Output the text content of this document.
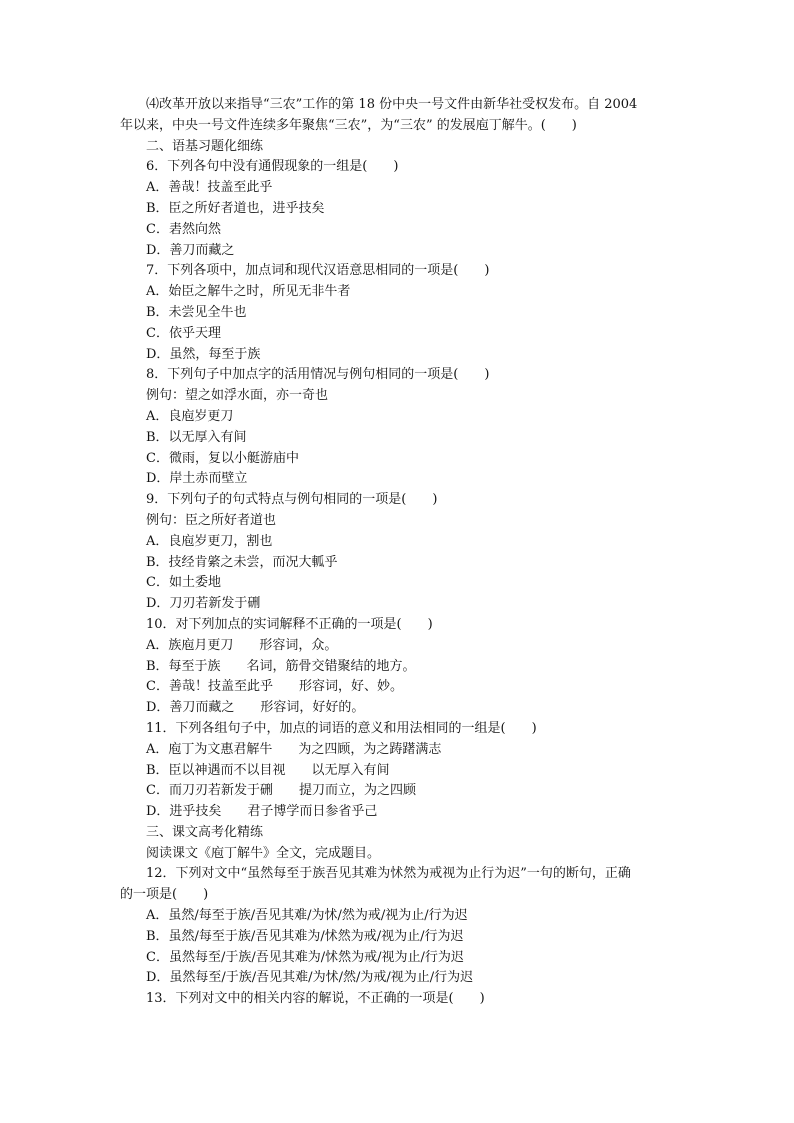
⑷改革开放以来指导“三农”工作的第 18 份中央一号文件由新华社受权发布。自 2004
年以来，中央一号文件连续多年聚焦“三农”，为“三农” 的发展庖丁解牛。(　　)
二、语基习题化细练
6．下列各句中没有通假现象的一组是(　　)
A．善哉！技盖至此乎
B．臣之所好者道也，进乎技矣
C．砉然向然
D．善刀而藏之
7．下列各项中，加点词和现代汉语意思相同的一项是(　　)
A．始臣之解牛之时，所见无非牛者
B．未尝见全牛也
C．依乎天理
D．虽然，每至于族
8．下列句子中加点字的活用情况与例句相同的一项是(　　)
例句：望之如浮水面，亦一奇也
A．良庖岁更刀
B．以无厚入有间
C．微雨，复以小艇游庙中
D．岸土赤而壁立
9．下列句子的句式特点与例句相同的一项是(　　)
例句：臣之所好者道也
A．良庖岁更刀，割也
B．技经肯綮之未尝，而况大軱乎
C．如土委地
D．刀刃若新发于硎
10．对下列加点的实词解释不正确的一项是(　　)
A．族庖月更刀　　形容词，众。
B．每至于族　　名词，筋骨交错聚结的地方。
C．善哉！技盖至此乎　　形容词，好、妙。
D．善刀而藏之　　形容词，好好的。
11．下列各组句子中，加点的词语的意义和用法相同的一组是(　　)
A．庖丁为文惠君解牛　　为之四顾，为之踌躇满志
B．臣以神遇而不以目视　　以无厚入有间
C．而刀刃若新发于硎　　提刀而立，为之四顾
D．进乎技矣　　君子博学而日参省乎己
三、课文高考化精练
阅读课文《庖丁解牛》全文，完成题目。
12．下列对文中“虽然每至于族吾见其难为怵然为戒视为止行为迟”一句的断句，正确
的一项是(　　)
A．虽然/每至于族/吾见其难/为怵/然为戒/视为止/行为迟
B．虽然/每至于族/吾见其难为/怵然为戒/视为止/行为迟
C．虽然每至/于族/吾见其难为/怵然为戒/视为止/行为迟
D．虽然每至/于族/吾见其难/为怵/然/为戒/视为止/行为迟
13．下列对文中的相关内容的解说，不正确的一项是(　　)
